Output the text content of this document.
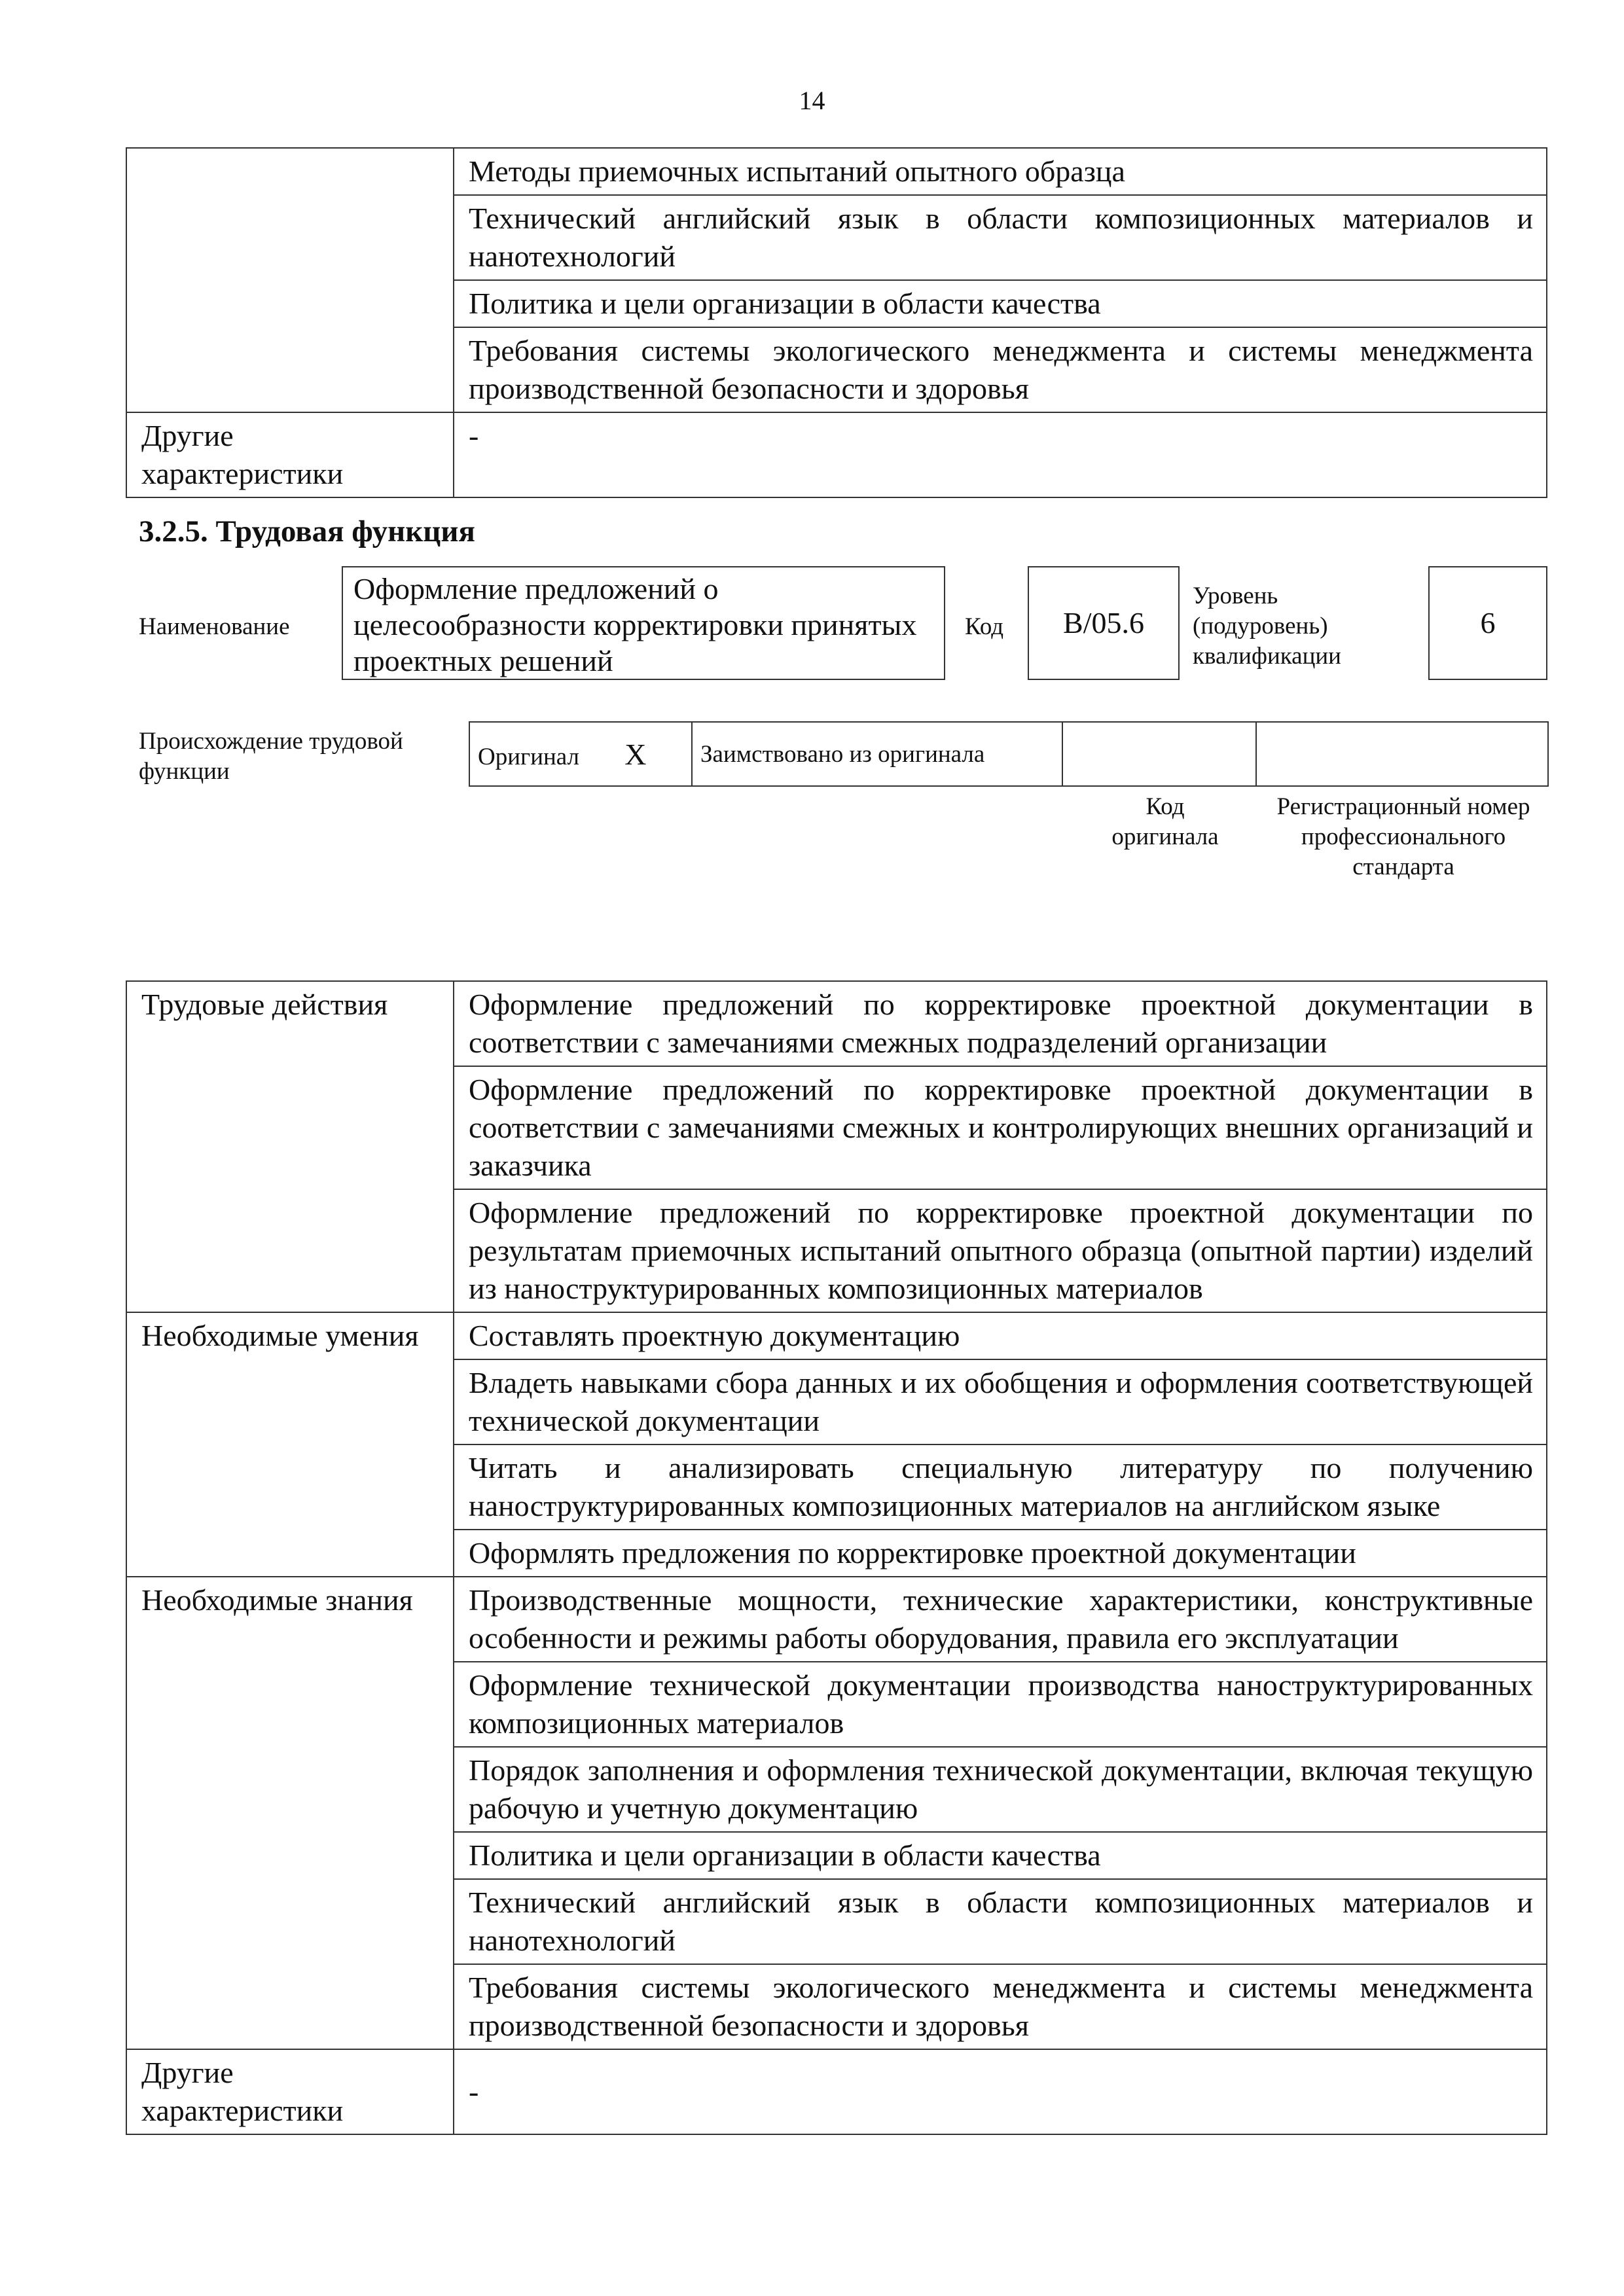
14
	Методы приемочных испытаний опытного образца
	Технический английский язык в области композиционных материалов и нанотехнологий
	Политика и цели организации в области качества
	Требования системы экологического менеджмента и системы менеджмента производственной безопасности и здоровья
Другие характеристики	-
3.2.5. Трудовая функция
Наименование
Оформление предложений о целесообразности корректировки принятых проектных решений
Код	B/05.6
Уровень (подуровень) квалификации
6
Происхождение трудовой функции
Оригинал X	Заимствовано из оригинала		
Код оригинала
Регистрационный номер профессионального стандарта
Трудовые действия	Оформление предложений по корректировке проектной документации в соответствии с замечаниями смежных подразделений организации
	Оформление предложений по корректировке проектной документации в соответствии с замечаниями смежных и контролирующих внешних организаций и заказчика
	Оформление предложений по корректировке проектной документации по результатам приемочных испытаний опытного образца (опытной партии) изделий из наноструктурированных композиционных материалов
Необходимые умения	Составлять проектную документацию
	Владеть навыками сбора данных и их обобщения и оформления соответствующей технической документации
	Читать и анализировать специальную литературу по получению наноструктурированных композиционных материалов на английском языке
	Оформлять предложения по корректировке проектной документации
Необходимые знания	Производственные мощности, технические характеристики, конструктивные особенности и режимы работы оборудования, правила его эксплуатации
	Оформление технической документации производства наноструктурированных композиционных материалов
	Порядок заполнения и оформления технической документации, включая текущую рабочую и учетную документацию
	Политика и цели организации в области качества
	Технический английский язык в области композиционных материалов и нанотехнологий
	Требования системы экологического менеджмента и системы менеджмента производственной безопасности и здоровья
Другие характеристики	-
